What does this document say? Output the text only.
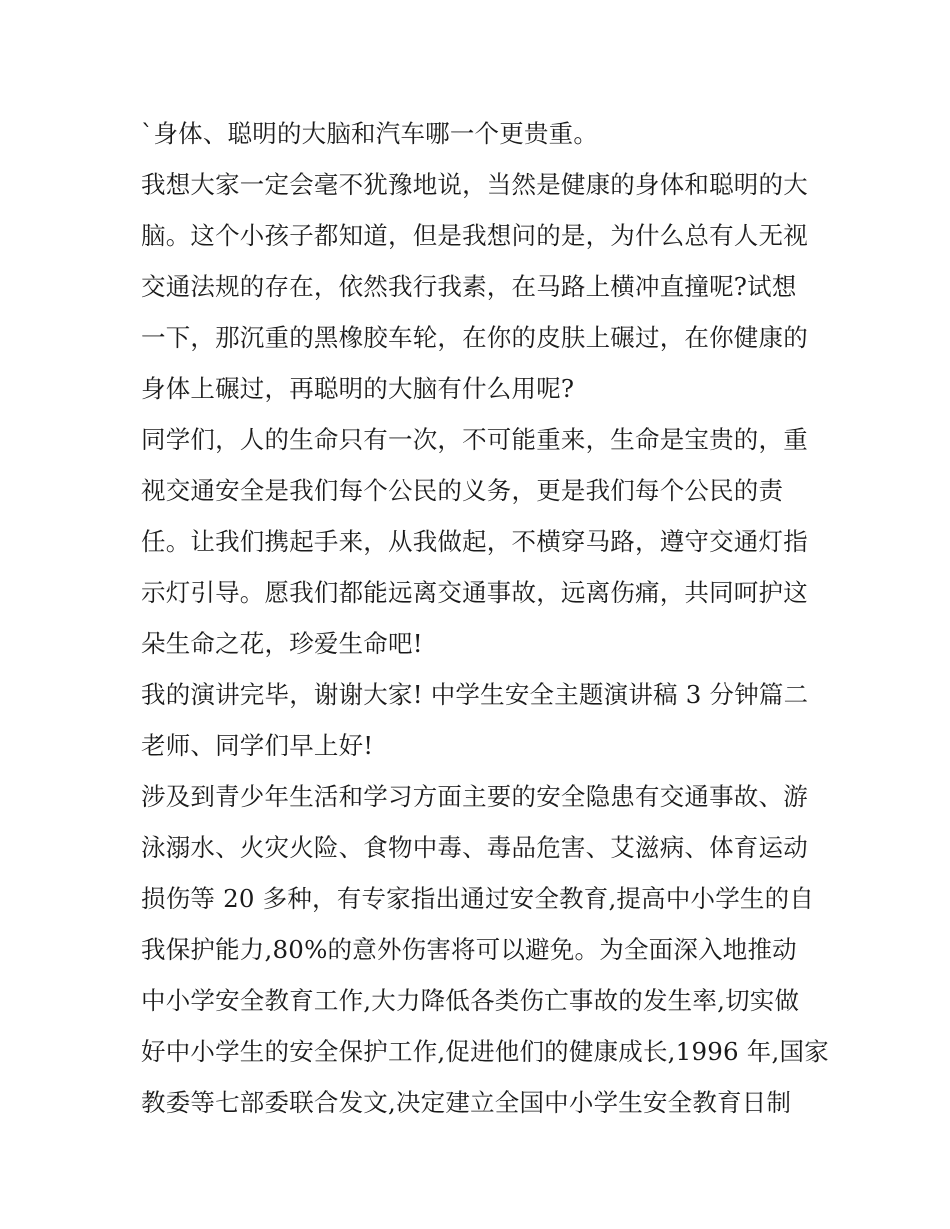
`身体、聪明的大脑和汽车哪一个更贵重。
我想大家一定会毫不犹豫地说，当然是健康的身体和聪明的大
脑。这个小孩子都知道，但是我想问的是，为什么总有人无视
交通法规的存在，依然我行我素，在马路上横冲直撞呢?试想
一下，那沉重的黑橡胶车轮，在你的皮肤上碾过，在你健康的
身体上碾过，再聪明的大脑有什么用呢?
同学们，人的生命只有一次，不可能重来，生命是宝贵的，重
视交通安全是我们每个公民的义务，更是我们每个公民的责
任。让我们携起手来，从我做起，不横穿马路，遵守交通灯指
示灯引导。愿我们都能远离交通事故，远离伤痛，共同呵护这
朵生命之花，珍爱生命吧!
我的演讲完毕，谢谢大家! 中学生安全主题演讲稿 3 分钟篇二
老师、同学们早上好!
涉及到青少年生活和学习方面主要的安全隐患有交通事故、游
泳溺水、火灾火险、食物中毒、毒品危害、艾滋病、体育运动
损伤等 20 多种，有专家指出通过安全教育,提高中小学生的自
我保护能力,80%的意外伤害将可以避免。为全面深入地推动
中小学安全教育工作,大力降低各类伤亡事故的发生率,切实做
好中小学生的安全保护工作,促进他们的健康成长,1996 年,国家
教委等七部委联合发文,决定建立全国中小学生安全教育日制
